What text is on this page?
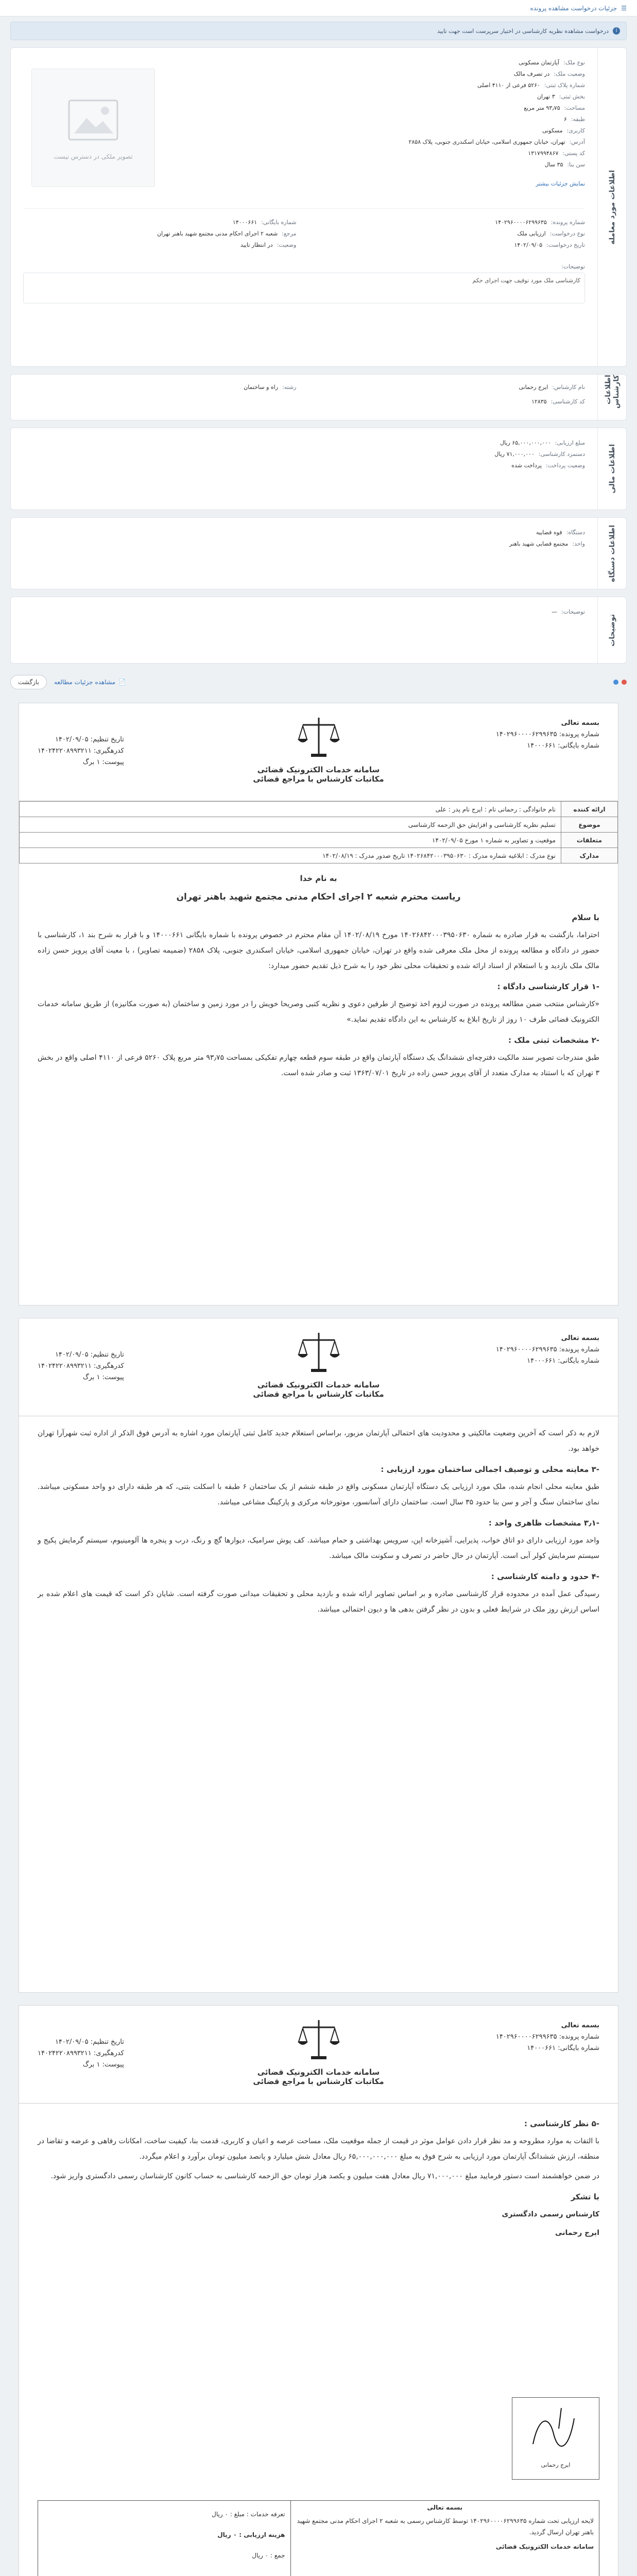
☰
جزئیات درخواست مشاهده پرونده
i
درخواست مشاهده نظریه کارشناسی در اختیار سرپرست است جهت تایید
اطلاعات مورد معامله
تصویر ملکی در دسترس نیست
نوع ملک:
آپارتمان مسکونی
وضعیت ملک:
در تصرف مالک
شماره پلاک ثبتی:
۵۲۶۰ فرعی از ۴۱۱۰ اصلی
بخش ثبتی:
۳ تهران
مساحت:
۹۳٫۷۵ متر مربع
طبقه:
۶
کاربری:
مسکونی
آدرس:
تهران، خیابان جمهوری اسلامی، خیابان اسکندری جنوبی، پلاک ۲۸۵۸
کد پستی:
۱۳۱۷۹۹۴۸۶۷
سن بنا:
۳۵ سال
نمایش جزئیات بیشتر
شماره پرونده:
۱۴۰۲۹۶۰۰۰۰۶۲۹۹۶۳۵
شماره بایگانی:
۱۴۰۰۰۶۶۱
نوع درخواست:
ارزیابی ملک
مرجع:
شعبه ۲ اجرای احکام مدنی مجتمع شهید باهنر تهران
تاریخ درخواست:
۱۴۰۲/۰۹/۰۵
وضعیت:
در انتظار تایید
توضیحات:
کارشناسی ملک مورد توقیف جهت اجرای حکم
اطلاعات کارشناس
نام کارشناس:
ایرج رحمانی
رشته:
راه و ساختمان
کد کارشناسی:
۱۲۸۳۵
اطلاعات مالی
مبلغ ارزیابی:
۶۵,۰۰۰,۰۰۰,۰۰۰ ریال
دستمزد کارشناسی:
۷۱,۰۰۰,۰۰۰ ریال
وضعیت پرداخت:
پرداخت شده
اطلاعات دستگاه
دستگاه:
قوه قضاییه
واحد:
مجتمع قضایی شهید باهنر
توضیحات
توضیحات:
—
📄
مشاهده جزئیات مطالعه
بازگشت
بسمه تعالی
شماره پرونده: ۱۴۰۲۹۶۰۰۰۰۶۲۹۹۶۳۵
شماره بایگانی: ۱۴۰۰۰۶۶۱
تاریخ تنظیم: ۱۴۰۲/۰۹/۰۵
کدرهگیری: ۱۴۰۲۴۲۲۰۸۹۹۳۲۱۱
پیوست: ۱ برگ
سامانه خدمات الکترونیک قضائی
مکاتبات کارشناس با مراجع قضائی
ارائه کننده	نام خانوادگی : رحمانی نام : ایرج نام پدر : علی
موضوع	تسلیم نظریه کارشناسی و افزایش حق الزحمه کارشناسی
متعلقات	موقعیت و تصاویر به شماره ۱ مورخ ۱۴۰۲/۰۹/۰۵
مدارک	نوع مدرک : ابلاغیه شماره مدرک : ۱۴۰۲۶۸۴۲۰۰۰۳۹۵۰۶۳۰ تاریخ صدور مدرک : ۱۴۰۲/۰۸/۱۹
به نام خدا
ریاست محترم شعبه ۲ اجرای احکام مدنی مجتمع شهید باهنر تهران
با سلام

احتراما، بازگشت به قرار صادره به شماره ۱۴۰۲۶۸۴۲۰۰۰۳۹۵۰۶۳۰ مورخ ۱۴۰۲/۰۸/۱۹ آن مقام محترم در خصوص پرونده با شماره بایگانی ۱۴۰۰۰۶۶۱ و با قرار به شرح بند ۱، کارشناسی با حضور در دادگاه و مطالعه پرونده از محل ملک معرفی شده واقع در تهران، خیابان جمهوری اسلامی، خیابان اسکندری جنوبی، پلاک ۲۸۵۸ (ضمیمه تصاویر) ، با معیت آقای پرویز حسن زاده مالک ملک بازدید و با استعلام از اسناد ارائه شده و تحقیقات محلی نظر خود را به شرح ذیل تقدیم حضور میدارد:

-۱ قرار کارشناسی دادگاه :

«کارشناس منتخب ضمن مطالعه پرونده در صورت لزوم اخذ توضیح از طرفین دعوی و نظریه کتبی وصریحا خویش را در مورد زمین و ساختمان (به صورت مکانیزه) از طریق سامانه خدمات الکترونیک قضائی طرف ۱۰ روز از تاریخ ابلاغ به کارشناس به این دادگاه تقدیم نماید.»

-۲ مشخصات ثبتی ملک :

طبق مندرجات تصویر سند مالکیت دفترچه‌ای ششدانگ یک دستگاه آپارتمان واقع در طبقه سوم قطعه چهارم تفکیکی بمساحت ۹۳٫۷۵ متر مربع پلاک ۵۲۶۰ فرعی از ۴۱۱۰ اصلی واقع در بخش ۳ تهران که با استناد به مدارک متعدد از آقای پرویز حسن زاده در تاریخ ۱۳۶۳/۰۷/۰۱ ثبت و صادر شده است.

بسمه تعالی
شماره پرونده: ۱۴۰۲۹۶۰۰۰۰۶۲۹۹۶۳۵
شماره بایگانی: ۱۴۰۰۰۶۶۱
تاریخ تنظیم: ۱۴۰۲/۰۹/۰۵
کدرهگیری: ۱۴۰۲۴۲۲۰۸۹۹۳۲۱۱
پیوست: ۱ برگ
سامانه خدمات الکترونیک قضائی
مکاتبات کارشناس با مراجع قضائی

لازم به ذکر است که آخرین وضعیت مالکیتی و محدودیت های احتمالی آپارتمان مزبور، براساس استعلام جدید کامل ثبتی آپارتمان مورد اشاره به آدرس فوق الذکر از اداره ثبت شهرآرا تهران خواهد بود.

-۳ معاینه محلی و توصیف اجمالی ساختمان مورد ارزیابی :

طبق معاینه محلی انجام شده، ملک مورد ارزیابی یک دستگاه آپارتمان مسکونی واقع در طبقه ششم از یک ساختمان ۶ طبقه با اسکلت بتنی، که هر طبقه دارای دو واحد مسکونی میباشد. نمای ساختمان سنگ و آجر و سن بنا حدود ۳۵ سال است. ساختمان دارای آسانسور، موتورخانه مرکزی و پارکینگ مشاعی میباشد.

-۳٫۱ مشخصات ظاهری واحد :

واحد مورد ارزیابی دارای دو اتاق خواب، پذیرایی، آشپزخانه اپن، سرویس بهداشتی و حمام میباشد. کف پوش سرامیک، دیوارها گچ و رنگ، درب و پنجره ها آلومینیوم، سیستم گرمایش پکیج و سیستم سرمایش کولر آبی است. آپارتمان در حال حاضر در تصرف و سکونت مالک میباشد.

-۴ حدود و دامنه کارشناسی :

رسیدگی عمل آمده در محدوده قرار کارشناسی صادره و بر اساس تصاویر ارائه شده و بازدید محلی و تحقیقات میدانی صورت گرفته است. شایان ذکر است که قیمت های اعلام شده بر اساس ارزش روز ملک در شرایط فعلی و بدون در نظر گرفتن بدهی ها و دیون احتمالی میباشد.

بسمه تعالی
شماره پرونده: ۱۴۰۲۹۶۰۰۰۰۶۲۹۹۶۳۵
شماره بایگانی: ۱۴۰۰۰۶۶۱
تاریخ تنظیم: ۱۴۰۲/۰۹/۰۵
کدرهگیری: ۱۴۰۲۴۲۲۰۸۹۹۳۲۱۱
پیوست: ۱ برگ
سامانه خدمات الکترونیک قضائی
مکاتبات کارشناس با مراجع قضائی
-۵ نظر کارشناسی :

با التفات به موارد مطروحه و مد نظر قرار دادن عوامل موثر در قیمت از جمله موقعیت ملک، مساحت عرصه و اعیان و کاربری، قدمت بنا، کیفیت ساخت، امکانات رفاهی و عرضه و تقاضا در منطقه، ارزش ششدانگ آپارتمان مورد ارزیابی به شرح فوق به مبلغ ۶۵,۰۰۰,۰۰۰,۰۰۰ ریال معادل شش میلیارد و پانصد میلیون تومان برآورد و اعلام میگردد.

در ضمن خواهشمند است دستور فرمایید مبلغ ۷۱,۰۰۰,۰۰۰ ریال معادل هفت میلیون و یکصد هزار تومان حق الزحمه کارشناسی به حساب کانون کارشناسان رسمی دادگستری واریز شود.

با تشکر
کارشناس رسمی دادگستری
ایرج رحمانی
ایرج رحمانی
بسمه تعالی
لایحه ارزیابی تحت شماره ۱۴۰۲۹۶۰۰۰۰۶۲۹۹۶۳۵ توسط کارشناس رسمی به شعبه ۲ اجرای احکام مدنی مجتمع شهید باهنر تهران ارسال گردید.
سامانه خدمات الکترونیک قضائی

تعرفه خدمات : مبلغ : ۰ ریال
هزینه ارزیابی : ۰ ریال
جمع : ۰ ریال
